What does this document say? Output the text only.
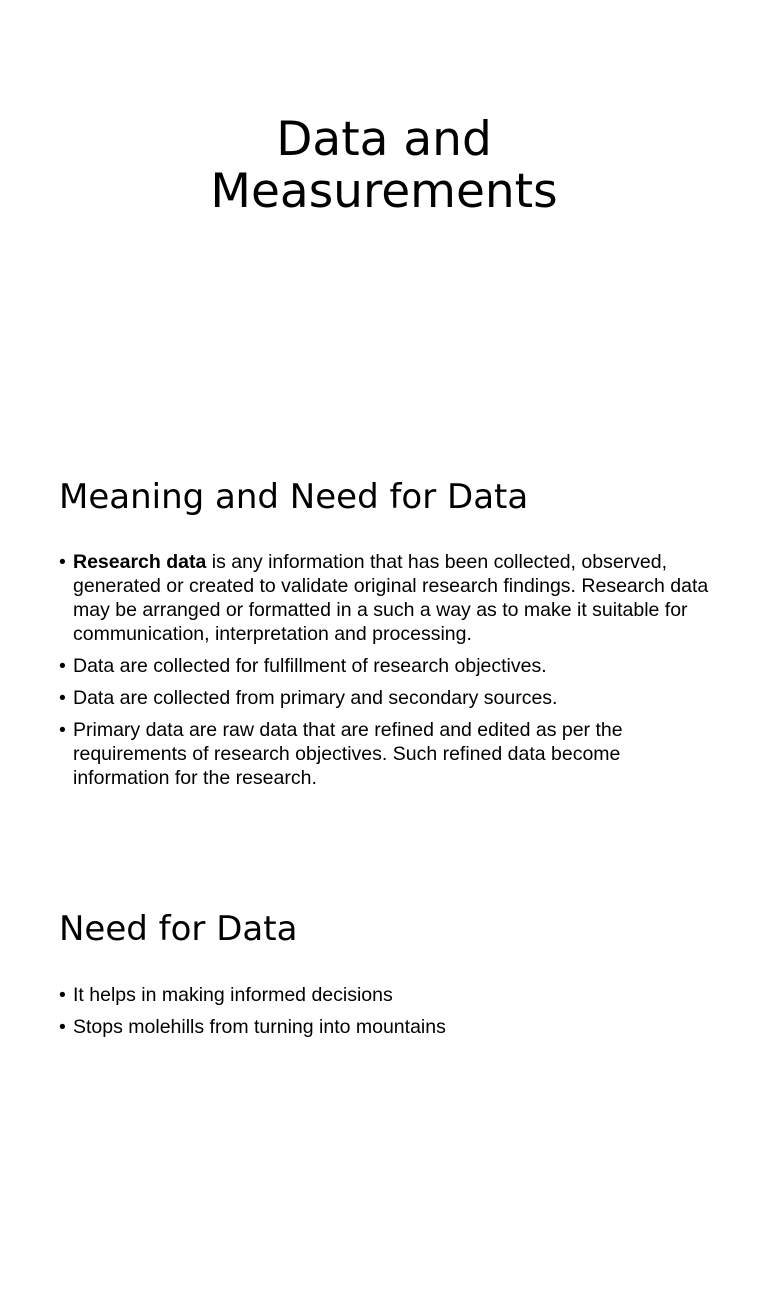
Data and
Measurements
Meaning and Need for Data
• Research data is any information that has been collected, observed, generated or created to validate original research findings. Research data may be arranged or formatted in a such a way as to make it suitable for communication, interpretation and processing.
• Data are collected for fulfillment of research objectives.
• Data are collected from primary and secondary sources.
• Primary data are raw data that are refined and edited as per the requirements of research objectives. Such refined data become information for the research.
Need for Data
• It helps in making informed decisions
• Stops molehills from turning into mountains
